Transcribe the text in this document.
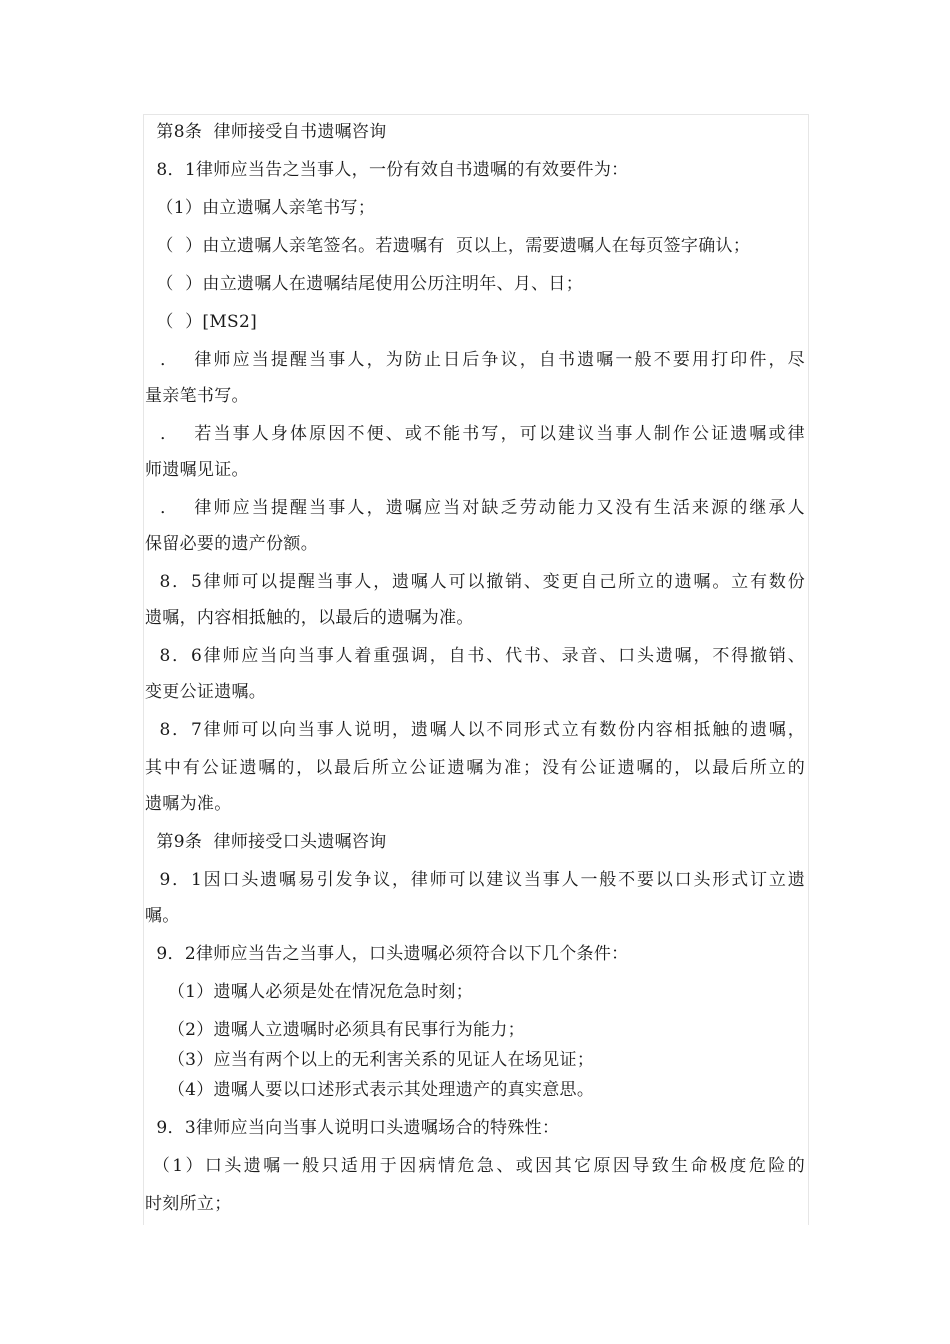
第8条  律师接受自书遗嘱咨询
8．1律师应当告之当事人，一份有效自书遗嘱的有效要件为：
（1）由立遗嘱人亲笔书写；
（  ）由立遗嘱人亲笔签名。若遗嘱有  页以上，需要遗嘱人在每页签字确认；
（  ）由立遗嘱人在遗嘱结尾使用公历注明年、月、日；
（  ）[MS2]
．  律师应当提醒当事人，为防止日后争议，自书遗嘱一般不要用打印件，尽
量亲笔书写。
．  若当事人身体原因不便、或不能书写，可以建议当事人制作公证遗嘱或律
师遗嘱见证。
．  律师应当提醒当事人，遗嘱应当对缺乏劳动能力又没有生活来源的继承人
保留必要的遗产份额。
8．5律师可以提醒当事人，遗嘱人可以撤销、变更自己所立的遗嘱。立有数份
遗嘱，内容相抵触的，以最后的遗嘱为准。
8．6律师应当向当事人着重强调，自书、代书、录音、口头遗嘱，不得撤销、
变更公证遗嘱。
8．7律师可以向当事人说明，遗嘱人以不同形式立有数份内容相抵触的遗嘱，
其中有公证遗嘱的，以最后所立公证遗嘱为准；没有公证遗嘱的，以最后所立的
遗嘱为准。
第9条  律师接受口头遗嘱咨询
9．1因口头遗嘱易引发争议，律师可以建议当事人一般不要以口头形式订立遗
嘱。
9．2律师应当告之当事人，口头遗嘱必须符合以下几个条件：
（1）遗嘱人必须是处在情况危急时刻；
（2）遗嘱人立遗嘱时必须具有民事行为能力；
（3）应当有两个以上的无利害关系的见证人在场见证；
（4）遗嘱人要以口述形式表示其处理遗产的真实意思。
9．3律师应当向当事人说明口头遗嘱场合的特殊性：
（1）口头遗嘱一般只适用于因病情危急、或因其它原因导致生命极度危险的
时刻所立；
